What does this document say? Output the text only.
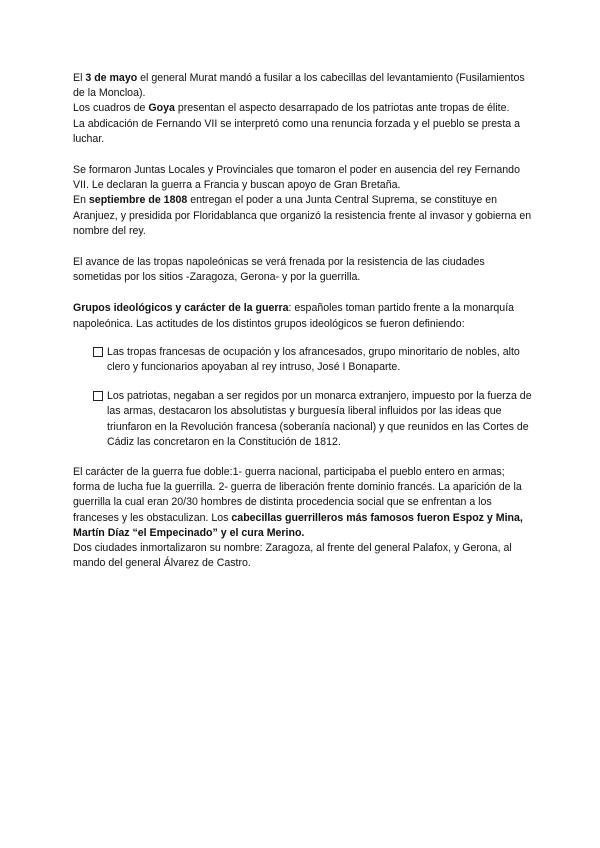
El 3 de mayo el general Murat mandó a fusilar a los cabecillas del levantamiento (Fusilamientos de la Moncloa).

Los cuadros de Goya presentan el aspecto desarrapado de los patriotas ante tropas de élite.

La abdicación de Fernando VII se interpretó como una renuncia forzada y el pueblo se presta a luchar.

Se formaron Juntas Locales y Provinciales que tomaron el poder en ausencia del rey Fernando VII. Le declaran la guerra a Francia y buscan apoyo de Gran Bretaña.

En septiembre de 1808 entregan el poder a una Junta Central Suprema, se constituye en Aranjuez, y presidida por Floridablanca que organizó la resistencia frente al invasor y gobierna en nombre del rey.

El avance de las tropas napoleónicas se verá frenada por la resistencia de las ciudades sometidas por los sitios -Zaragoza, Gerona- y por la guerrilla.

Grupos ideológicos y carácter de la guerra: españoles toman partido frente a la monarquía napoleónica. Las actitudes de los distintos grupos ideológicos se fueron definiendo:

Las tropas francesas de ocupación y los afrancesados, grupo minoritario de nobles, alto clero y funcionarios apoyaban al rey intruso, José I Bonaparte.
Los patriotas, negaban a ser regidos por un monarca extranjero, impuesto por la fuerza de las armas, destacaron los absolutistas y burguesía liberal influidos por las ideas que triunfaron en la Revolución francesa (soberanía nacional) y que reunidos en las Cortes de Cádiz las concretaron en la Constitución de 1812.

El carácter de la guerra fue doble:1- guerra nacional, participaba el pueblo entero en armas; forma de lucha fue la guerrilla. 2- guerra de liberación frente dominio francés. La aparición de la guerrilla la cual eran 20/30 hombres de distinta procedencia social que se enfrentan a los franceses y les obstaculizan. Los cabecillas guerrilleros más famosos fueron Espoz y Mina, Martín Díaz “el Empecinado” y el cura Merino.

Dos ciudades inmortalizaron su nombre: Zaragoza, al frente del general Palafox, y Gerona, al mando del general Álvarez de Castro.
